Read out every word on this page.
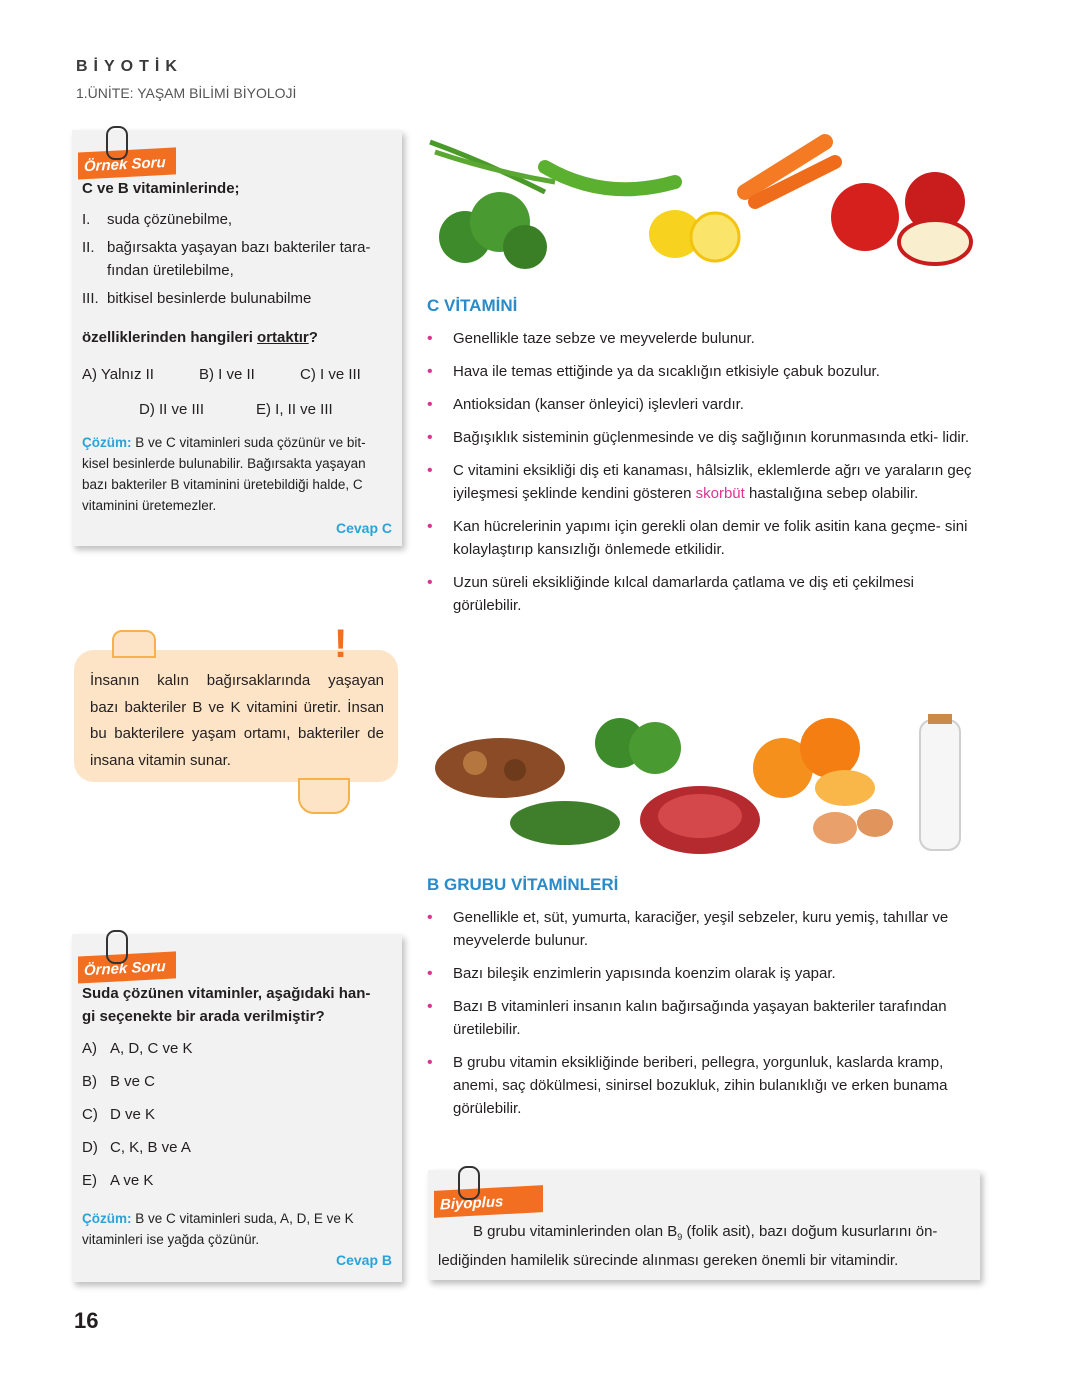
BİYOTİK
1.ÜNİTE: YAŞAM BİLİMİ BİYOLOJİ
Örnek Soru
C ve B vitaminlerinde;
I.	suda çözünebilme,
II. bağırsakta yaşayan bazı bakteriler tara-
fından üretilebilme,
III. bitkisel besinlerde bulunabilme
özelliklerinden hangileri ortaktır?
A) Yalnız II	B) I ve II	C) I ve III
D) II ve III	E) I, II ve III
Çözüm: B ve C vitaminleri suda çözünür ve bit-
kisel besinlerde bulunabilir. Bağırsakta yaşayan
bazı bakteriler B vitaminini üretebildiği halde, C
vitaminini üretemezler.
Cevap C
İnsanın kalın bağırsaklarında yaşayan
bazı bakteriler B ve K vitamini üretir. İnsan
bu bakterilere yaşam ortamı, bakteriler de
insana vitamin sunar.
!
Örnek Soru
Suda çözünen vitaminler, aşağıdaki han-
gi seçenekte bir arada verilmiştir?
A) A, D, C ve K
B) B ve C
C) D ve K
D) C, K, B ve A
E) A ve K
Çözüm: B ve C vitaminleri suda, A, D, E ve K
vitaminleri ise yağda çözünür.
Cevap B
C VİTAMİNİ
• Genellikle taze sebze ve meyvelerde bulunur.
• Hava ile temas ettiğinde ya da sıcaklığın etkisiyle çabuk bozulur.
• Antioksidan (kanser önleyici) işlevleri vardır.
• Bağışıklık sisteminin güçlenmesinde ve diş sağlığının korunmasında etki- lidir.
• C vitamini eksikliği diş eti kanaması, hâlsizlik, eklemlerde ağrı ve yaraların geç iyileşmesi şeklinde kendini gösteren skorbüt hastalığına sebep olabilir.
• Kan hücrelerinin yapımı için gerekli olan demir ve folik asitin kana geçme- sini kolaylaştırıp kansızlığı önlemede etkilidir.
• Uzun süreli eksikliğinde kılcal damarlarda çatlama ve diş eti çekilmesi görülebilir.
B GRUBU VİTAMİNLERİ
• Genellikle et, süt, yumurta, karaciğer, yeşil sebzeler, kuru yemiş, tahıllar ve meyvelerde bulunur.
• Bazı bileşik enzimlerin yapısında koenzim olarak iş yapar.
• Bazı B vitaminleri insanın kalın bağırsağında yaşayan bakteriler tarafından üretilebilir.
• B grubu vitamin eksikliğinde beriberi, pellegra, yorgunluk, kaslarda kramp, anemi, saç dökülmesi, sinirsel bozukluk, zihin bulanıklığı ve erken bunama görülebilir.
Biyoplus
B grubu vitaminlerinden olan $B_9$ (folik asit), bazı doğum kusurlarını ön-
lediğinden hamilelik sürecinde alınması gereken önemli bir vitamindir.
16
